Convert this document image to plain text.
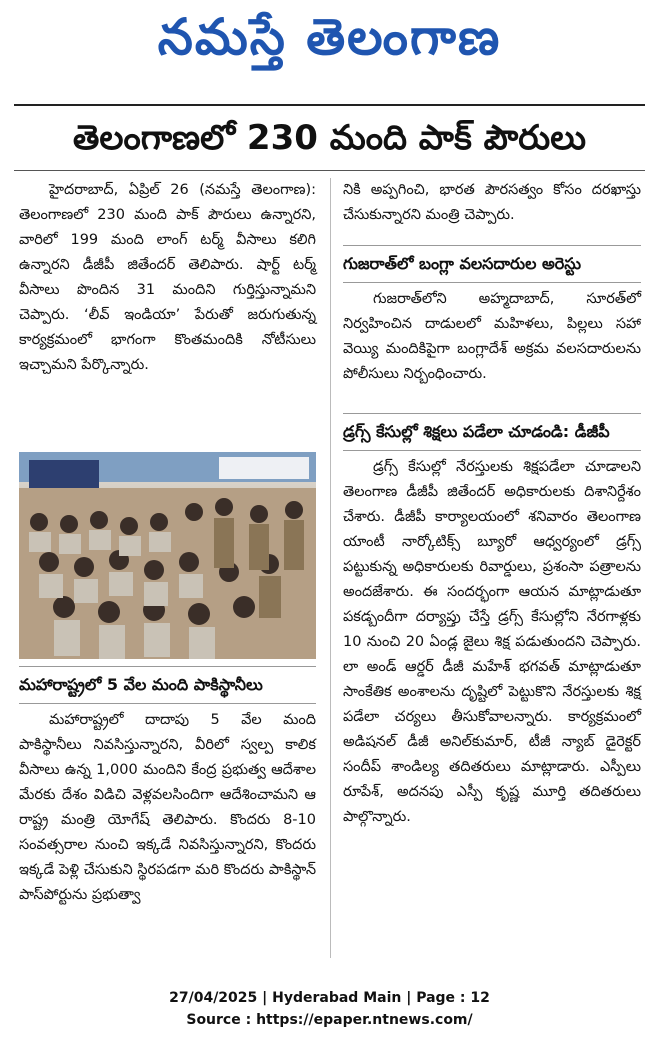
నమస్తే తెలంగాణ
తెలంగాణలో 230 మంది పాక్ పౌరులు

హైదరాబాద్, ఏప్రిల్ 26 (నమస్తే తెలంగాణ): తెలంగాణలో 230 మంది పాక్ పౌరులు ఉన్నారని, వారిలో 199 మంది లాంగ్ టర్మ్ వీసాలు కలిగి ఉన్నారని డీజీపీ జితేందర్ తెలిపారు. షార్ట్ టర్మ్ వీసాలు పొందిన 31 మందిని గుర్తిస్తున్నామని చెప్పారు. ‘లీవ్ ఇండియా’ పేరుతో జరుగుతున్న కార్యక్రమంలో భాగంగా కొంతమందికి నోటీసులు ఇచ్చామని పేర్కొన్నారు.

మహారాష్ట్రలో 5 వేల మంది పాకిస్థానీలు

మహారాష్ట్రలో దాదాపు 5 వేల మంది పాకిస్థానీలు నివసిస్తున్నారని, వీరిలో స్వల్ప కాలిక వీసాలు ఉన్న 1,000 మందిని కేంద్ర ప్రభుత్వ ఆదేశాల మేరకు దేశం విడిచి వెళ్లవలసిందిగా ఆదేశించామని ఆ రాష్ట్ర మంత్రి యోగేష్ తెలిపారు. కొందరు 8-10 సంవత్సరాల నుంచి ఇక్కడే నివసిస్తున్నారని, కొందరు ఇక్కడే పెళ్లి చేసుకుని స్థిరపడగా మరి కొందరు పాకిస్థాన్ పాస్‌పోర్టును ప్రభుత్వా

నికి అప్పగించి, భారత పౌరసత్వం కోసం దరఖాస్తు చేసుకున్నారని మంత్రి చెప్పారు.

గుజరాత్‌లో బంగ్లా వలసదారుల అరెస్టు

గుజరాత్‌లోని అహ్మదాబాద్, సూరత్‌లో నిర్వహించిన దాడులలో మహిళలు, పిల్లలు సహా వెయ్యి మందికిపైగా బంగ్లాదేశ్ అక్రమ వలసదారులను పోలీసులు నిర్బంధించారు.

డ్రగ్స్ కేసుల్లో శిక్షలు పడేలా చూడండి: డీజీపీ

డ్రగ్స్ కేసుల్లో నేరస్తులకు శిక్షపడేలా చూడాలని తెలంగాణ డీజీపీ జితేందర్ అధికారులకు దిశానిర్దేశం చేశారు. డీజీపీ కార్యాలయంలో శనివారం తెలంగాణ యాంటీ నార్కోటిక్స్ బ్యూరో ఆధ్వర్యంలో డ్రగ్స్ పట్టుకున్న అధికారులకు రివార్డులు, ప్రశంసా పత్రాలను అందజేశారు. ఈ సందర్భంగా ఆయన మాట్లాడుతూ పకడ్బందీగా దర్యాప్తు చేస్తే డ్రగ్స్ కేసుల్లోని నేరగాళ్లకు 10 నుంచి 20 ఏండ్ల జైలు శిక్ష పడుతుందని చెప్పారు. లా అండ్ ఆర్డర్ డీజీ మహేశ్ భగవత్ మాట్లాడుతూ సాంకేతిక అంశాలను దృష్టిలో పెట్టుకొని నేరస్తులకు శిక్ష పడేలా చర్యలు తీసుకోవాలన్నారు. కార్యక్రమంలో అడిషనల్ డీజీ అనిల్‌కుమార్, టీజీ న్యాబ్ డైరెక్టర్ సందీప్ శాండిల్య తదితరులు మాట్లాడారు. ఎస్పీలు రూపేశ్, అదనపు ఎస్పీ కృష్ణ మూర్తి తదితరులు పాల్గొన్నారు.

27/04/2025 | Hyderabad Main | Page : 12
Source : https://epaper.ntnews.com/
